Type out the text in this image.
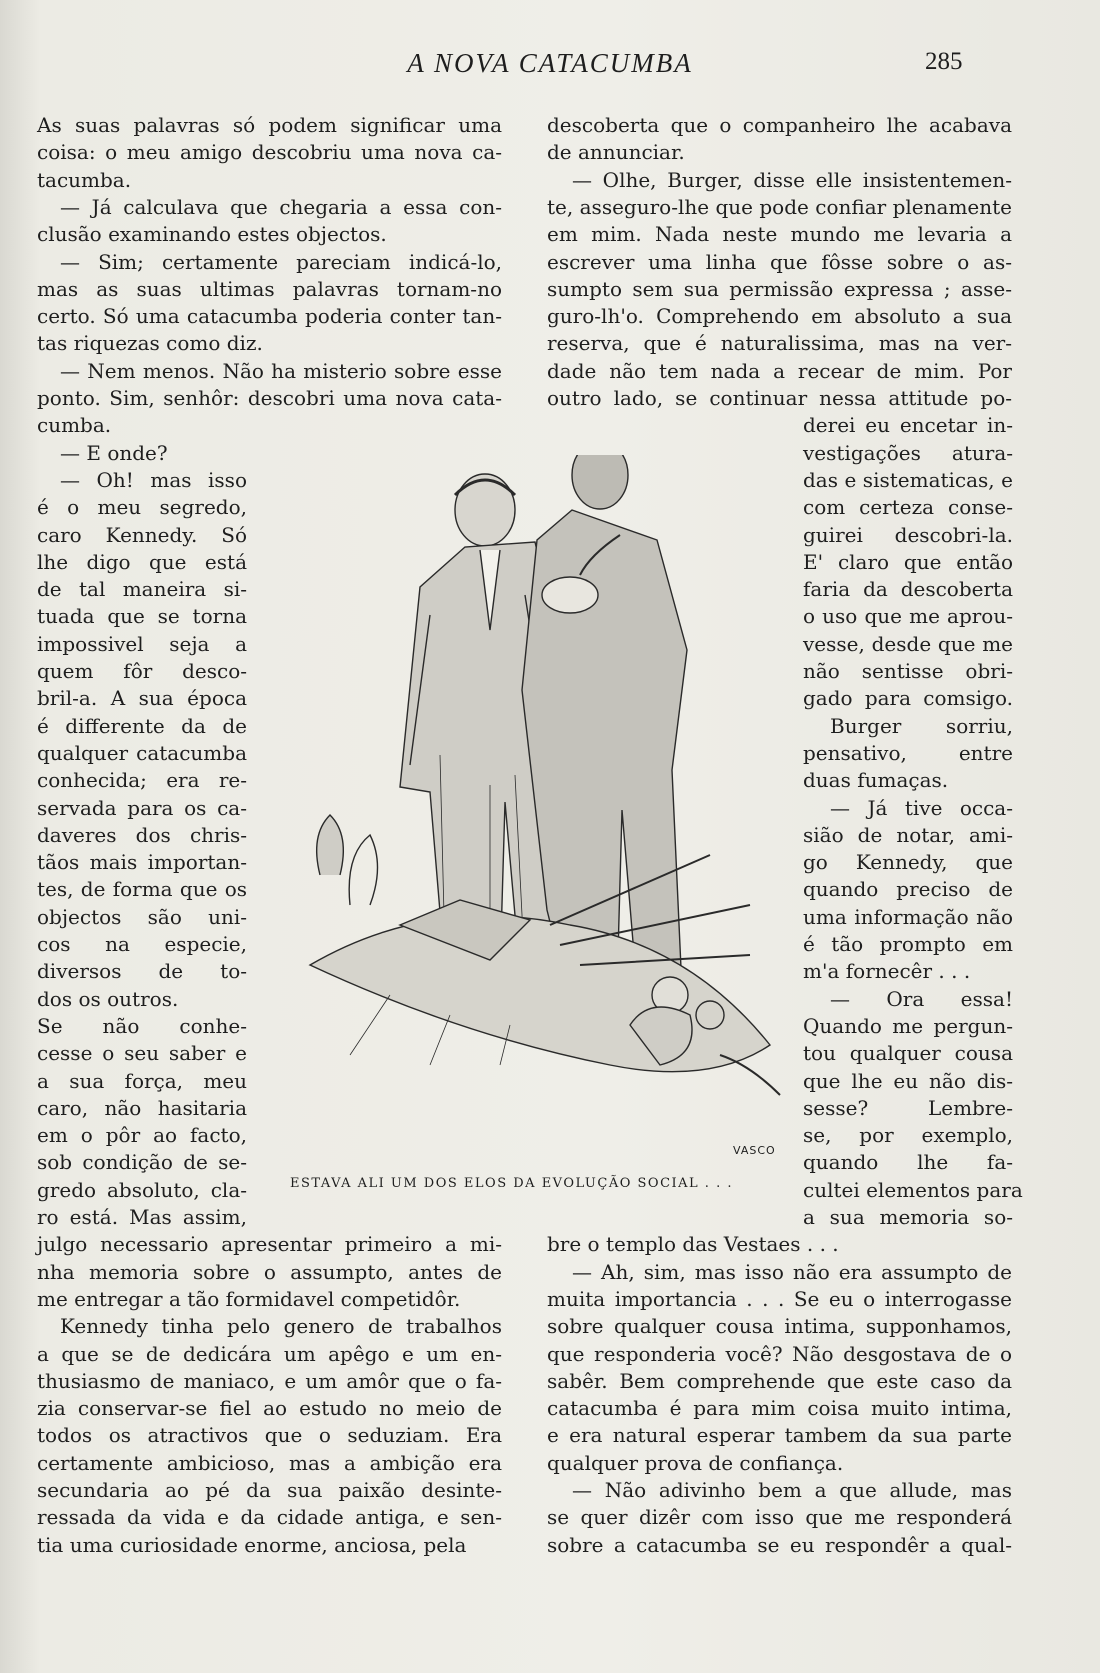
A NOVA CATACUMBA	285
As suas palavras só podem significar uma
coisa: o meu amigo descobriu uma nova ca-
tacumba.
— Já calculava que chegaria a essa con-
clusão examinando estes objectos.
— Sim; certamente pareciam indicá-lo,
mas as suas ultimas palavras tornam-no
certo. Só uma catacumba poderia conter tan-
tas riquezas como diz.
— Nem menos. Não ha misterio sobre esse
ponto. Sim, senhôr: descobri uma nova cata-
cumba.
— E onde?
— Oh! mas isso
é o meu segredo,
caro Kennedy. Só
lhe digo que está
de tal maneira si-
tuada que se torna
impossivel seja a
quem fôr desco-
bril-a. A sua época
é differente da de
qualquer catacumba
conhecida; era re-
servada para os ca-
daveres dos chris-
tãos mais importan-
tes, de forma que os
objectos são uni-
cos na especie,
diversos de to-
dos os outros.
Se não conhe-
cesse o seu saber e
a sua força, meu
caro, não hasitaria
em o pôr ao facto,
sob condição de se-
gredo absoluto, cla-
ro está. Mas assim,
julgo necessario apresentar primeiro a mi-
nha memoria sobre o assumpto, antes de
me entregar a tão formidavel competidôr.
Kennedy tinha pelo genero de trabalhos
a que se de dedicára um apêgo e um en-
thusiasmo de maniaco, e um amôr que o fa-
zia conservar-se fiel ao estudo no meio de
todos os atractivos que o seduziam. Era
certamente ambicioso, mas a ambição era
secundaria ao pé da sua paixão desinte-
ressada da vida e da cidade antiga, e sen-
tia uma curiosidade enorme, anciosa, pela
descoberta que o companheiro lhe acabava
de annunciar.
— Olhe, Burger, disse elle insistentemen-
te, asseguro-lhe que pode confiar plenamente
em mim. Nada neste mundo me levaria a
escrever uma linha que fôsse sobre o as-
sumpto sem sua permissão expressa ; asse-
guro-lh'o. Comprehendo em absoluto a sua
reserva, que é naturalissima, mas na ver-
dade não tem nada a recear de mim. Por
outro lado, se continuar nessa attitude po-
derei eu encetar in-
vestigações atura-
das e sistematicas, e
com certeza conse-
guirei descobri-la.
E' claro que então
faria da descoberta
o uso que me aprou-
vesse, desde que me
não sentisse obri-
gado para comsigo.
Burger sorriu,
pensativo, entre
duas fumaças.
— Já tive occa-
sião de notar, ami-
go Kennedy, que
quando preciso de
uma informação não
é tão prompto em
m'a fornecêr . . .
— Ora essa!
Quando me pergun-
tou qualquer cousa
que lhe eu não dis-
sesse? Lembre-
se, por exemplo,
quando lhe fa-
cultei elementos para
a sua memoria so-
bre o templo das Vestaes . . .
— Ah, sim, mas isso não era assumpto de
muita importancia . . . Se eu o interrogasse
sobre qualquer cousa intima, supponhamos,
que responderia você? Não desgostava de o
sabêr. Bem comprehende que este caso da
catacumba é para mim coisa muito intima,
e era natural esperar tambem da sua parte
qualquer prova de confiança.
— Não adivinho bem a que allude, mas
se quer dizêr com isso que me responderá
sobre a catacumba se eu respondêr a qual-
VASCO
ESTAVA ALI UM DOS ELOS DA EVOLUÇÃO SOCIAL . . .
